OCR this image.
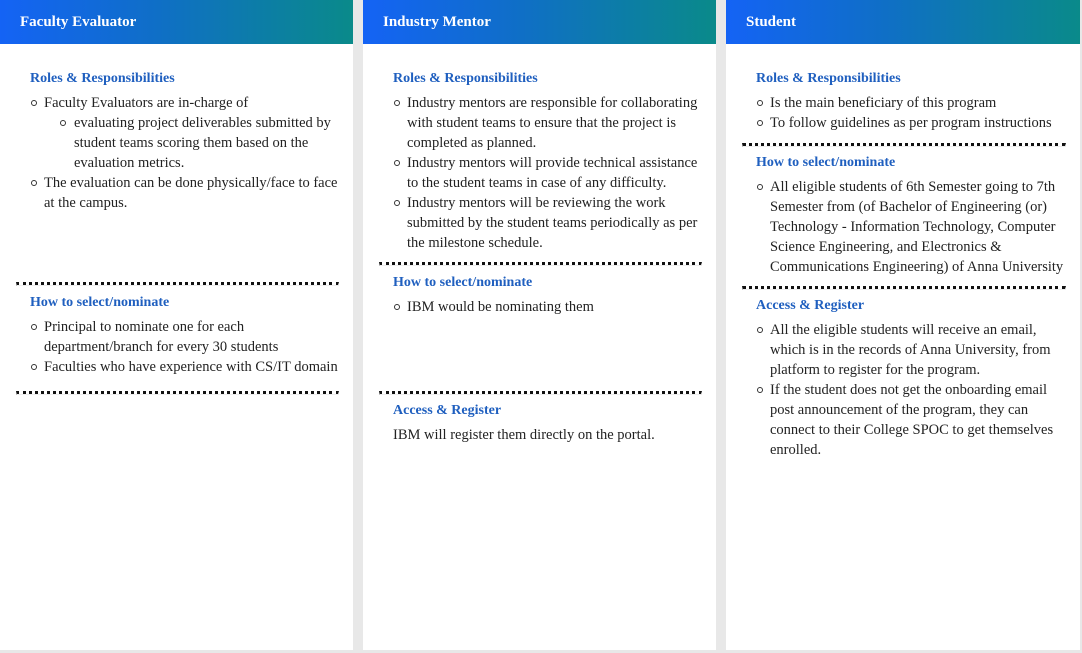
Faculty Evaluator
Roles & Responsibilities
Faculty Evaluators are in-charge of
evaluating project deliverables submitted by student teams scoring them based on the evaluation metrics.
The evaluation can be done physically/face to face at the campus.
How to select/nominate
Principal to nominate one for each department/branch for every 30 students
Faculties who have experience with CS/IT domain
Industry Mentor
Roles & Responsibilities
Industry mentors are responsible for collaborating with student teams to ensure that the project is completed as planned.
Industry mentors will provide technical assistance to the student teams in case of any difficulty.
Industry mentors will be reviewing the work submitted by the student teams periodically as per the milestone schedule.
How to select/nominate
IBM would be nominating them
Access & Register
IBM will register them directly on the portal.
Student
Roles & Responsibilities
Is the main beneficiary of this program
To follow guidelines as per program instructions
How to select/nominate
All eligible students of 6th Semester going to 7th Semester from (of Bachelor of Engineering (or) Technology - Information Technology, Computer Science Engineering, and Electronics & Communications Engineering) of Anna University
Access & Register
All the eligible students will receive an email, which is in the records of Anna University, from platform to register for the program.
If the student does not get the onboarding email post announcement of the program, they can connect to their College SPOC to get themselves enrolled.
